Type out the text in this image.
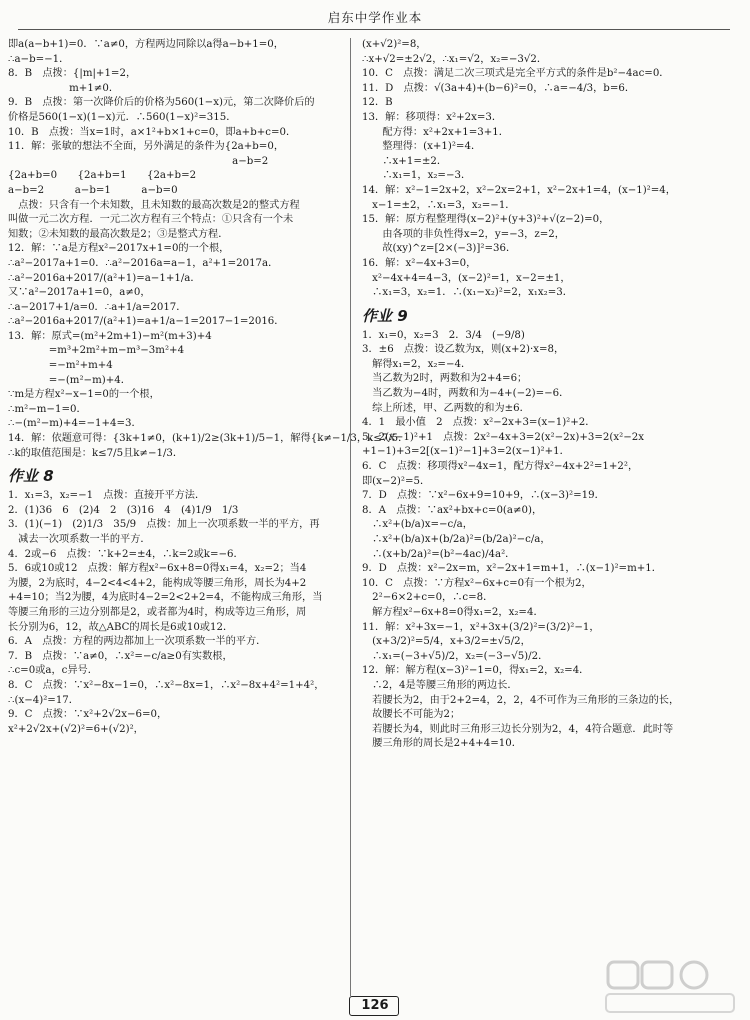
启东中学作业本
即a(a−b+1)=0．∵a≠0，方程两边同除以a得a−b+1=0，
∴a−b=−1．
8．B　点拨：{|m|+1=2，
　　　　　　m+1≠0．
9．B　点拨：第一次降价后的价格为560(1−x)元，第二次降价后的
价格是560(1−x)(1−x)元．∴560(1−x)²=315．
10．B　点拨：当x=1时，a×1²+b×1+c=0，即a+b+c=0．
11．解：张敏的想法不全面，另外满足的条件为{2a+b=0，
　　　　　　　　　　　　　　　　　　　　　　a−b=2
{2a+b=0　　{2a+b=1　　{2a+b=2
a−b=2　　　a−b=1　　　a−b=0
　点拨：只含有一个未知数，且未知数的最高次数是2的整式方程
叫做一元二次方程．一元二次方程有三个特点：①只含有一个未
知数；②未知数的最高次数是2；③是整式方程．
12．解：∵a是方程x²−2017x+1=0的一个根，
∴a²−2017a+1=0．∴a²−2016a=a−1，a²+1=2017a．
∴a²−2016a+2017/(a²+1)=a−1+1/a．
又∵a²−2017a+1=0，a≠0，
∴a−2017+1/a=0．∴a+1/a=2017．
∴a²−2016a+2017/(a²+1)=a+1/a−1=2017−1=2016．
13．解：原式=(m²+2m+1)−m²(m+3)+4
　　　　=m³+2m²+m−m³−3m²+4
　　　　=−m²+m+4
　　　　=−(m²−m)+4．
∵m是方程x²−x−1=0的一个根，
∴m²−m−1=0．
∴−(m²−m)+4=−1+4=3．
14．解：依题意可得：{3k+1≠0，(k+1)/2≥(3k+1)/5−1，解得{k≠−1/3，k≤7/5．
∴k的取值范围是：k≤7/5且k≠−1/3．
作业 8
1．x₁=3，x₂=−1　点拨：直接开平方法．
2．(1)36　6　(2)4　2　(3)16　4　(4)1/9　1/3
3．(1)(−1)　(2)1/3　35/9　点拨：加上一次项系数一半的平方，再
　减去一次项系数一半的平方．
4．2或−6　点拨：∵k+2=±4，∴k=2或k=−6．
5．6或10或12　点拨：解方程x²−6x+8=0得x₁=4，x₂=2；当4
为腰，2为底时，4−2<4<4+2，能构成等腰三角形，周长为4+2
+4=10；当2为腰，4为底时4−2=2<2+2=4，不能构成三角形，当
等腰三角形的三边分别都是2，或者都为4时，构成等边三角形，周
长分别为6，12，故△ABC的周长是6或10或12．
6．A　点拨：方程的两边都加上一次项系数一半的平方．
7．B　点拨：∵a≠0，∴x²=−c/a≥0有实数根，
∴c=0或a，c异号．
8．C　点拨：∵x²−8x−1=0，∴x²−8x=1，∴x²−8x+4²=1+4²，
∴(x−4)²=17．
9．C　点拨：∵x²+2√2x−6=0，
x²+2√2x+(√2)²=6+(√2)²，
(x+√2)²=8，
∴x+√2=±2√2，∴x₁=√2，x₂=−3√2．
10．C　点拨：满足二次三项式是完全平方式的条件是b²−4ac=0．
11．D　点拨：√(3a+4)+(b−6)²=0，∴a=−4/3，b=6．
12．B
13．解：移项得：x²+2x=3．
　　配方得：x²+2x+1=3+1．
　　整理得：(x+1)²=4．
　　∴x+1=±2．
　　∴x₁=1，x₂=−3．
14．解：x²−1=2x+2，x²−2x=2+1，x²−2x+1=4，(x−1)²=4，
　x−1=±2，∴x₁=3，x₂=−1．
15．解：原方程整理得(x−2)²+(y+3)²+√(z−2)=0，
　　由各项的非负性得x=2，y=−3，z=2，
　　故(xy)^z=[2×(−3)]²=36．
16．解：x²−4x+3=0，
　x²−4x+4=4−3，(x−2)²=1，x−2=±1，
　∴x₁=3，x₂=1．∴(x₁−x₂)²=2，x₁x₂=3．
作业 9
1．x₁=0，x₂=3　2．3/4　(−9/8)
3．±6　点拨：设乙数为x，则(x+2)·x=8，
　解得x₁=2，x₂=−4．
　当乙数为2时，两数和为2+4=6；
　当乙数为−4时，两数和为−4+(−2)=−6．
　综上所述，甲、乙两数的和为±6．
4．1　最小值　2　点拨：x²−2x+3=(x−1)²+2．
5．2(x−1)²+1　点拨：2x²−4x+3=2(x²−2x)+3=2(x²−2x
+1−1)+3=2[(x−1)²−1]+3=2(x−1)²+1．
6．C　点拨：移项得x²−4x=1，配方得x²−4x+2²=1+2²，
即(x−2)²=5．
7．D　点拨：∵x²−6x+9=10+9，∴(x−3)²=19．
8．A　点拨：∵ax²+bx+c=0(a≠0)，
　∴x²+(b/a)x=−c/a，
　∴x²+(b/a)x+(b/2a)²=(b/2a)²−c/a，
　∴(x+b/2a)²=(b²−4ac)/4a²．
9．D　点拨：x²−2x=m，x²−2x+1=m+1，∴(x−1)²=m+1．
10．C　点拨：∵方程x²−6x+c=0有一个根为2，
　2²−6×2+c=0，∴c=8．
　解方程x²−6x+8=0得x₁=2，x₂=4．
11．解：x²+3x=−1，x²+3x+(3/2)²=(3/2)²−1，
　(x+3/2)²=5/4，x+3/2=±√5/2，
　∴x₁=(−3+√5)/2，x₂=(−3−√5)/2．
12．解：解方程(x−3)²−1=0，得x₁=2，x₂=4．
　∴2，4是等腰三角形的两边长．
　若腰长为2，由于2+2=4，2，2，4不可作为三角形的三条边的长，
　故腰长不可能为2；
　若腰长为4，则此时三角形三边长分别为2，4，4符合题意．此时等
　腰三角形的周长是2+4+4=10．
126
